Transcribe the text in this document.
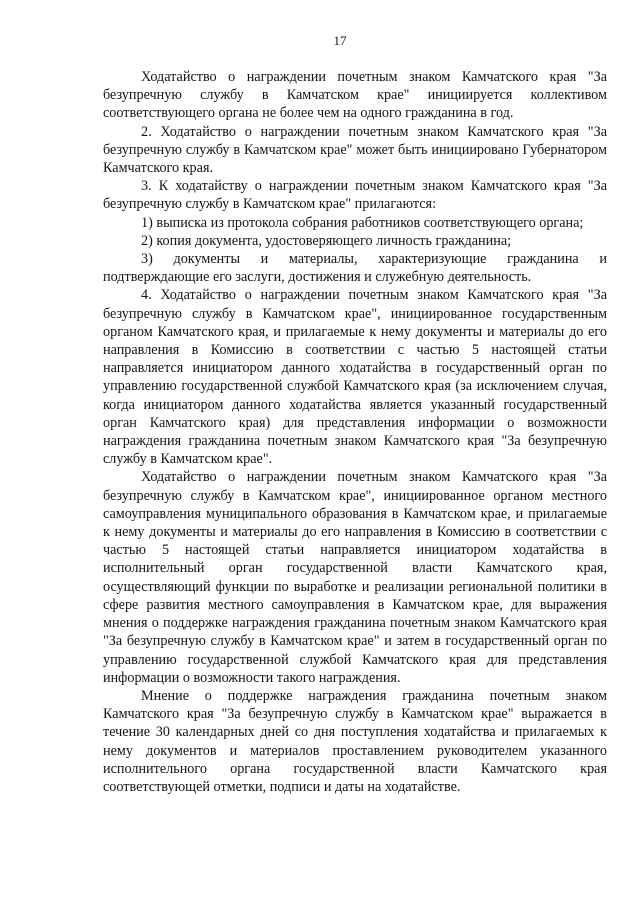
17

Ходатайство о награждении почетным знаком Камчатского края "За безупречную службу в Камчатском крае" инициируется коллективом соответствующего органа не более чем на одного гражданина в год.

2. Ходатайство о награждении почетным знаком Камчатского края "За безупречную службу в Камчатском крае" может быть инициировано Губернатором Камчатского края.

3. К ходатайству о награждении почетным знаком Камчатского края "За безупречную службу в Камчатском крае" прилагаются:

1) выписка из протокола собрания работников соответствующего органа;

2) копия документа, удостоверяющего личность гражданина;

3) документы и материалы, характеризующие гражданина и подтверждающие его заслуги, достижения и служебную деятельность.

4. Ходатайство о награждении почетным знаком Камчатского края "За безупречную службу в Камчатском крае", инициированное государственным органом Камчатского края, и прилагаемые к нему документы и материалы до его направления в Комиссию в соответствии с частью 5 настоящей статьи направляется инициатором данного ходатайства в государственный орган по управлению государственной службой Камчатского края (за исключением случая, когда инициатором данного ходатайства является указанный государственный орган Камчатского края) для представления информации о возможности награждения гражданина почетным знаком Камчатского края "За безупречную службу в Камчатском крае".

Ходатайство о награждении почетным знаком Камчатского края "За безупречную службу в Камчатском крае", инициированное органом местного самоуправления муниципального образования в Камчатском крае, и прилагаемые к нему документы и материалы до его направления в Комиссию в соответствии с частью 5 настоящей статьи направляется инициатором ходатайства в исполнительный орган государственной власти Камчатского края, осуществляющий функции по выработке и реализации региональной политики в сфере развития местного самоуправления в Камчатском крае, для выражения мнения о поддержке награждения гражданина почетным знаком Камчатского края "За безупречную службу в Камчатском крае" и затем в государственный орган по управлению государственной службой Камчатского края для представления информации о возможности такого награждения.

Мнение о поддержке награждения гражданина почетным знаком Камчатского края "За безупречную службу в Камчатском крае" выражается в течение 30 календарных дней со дня поступления ходатайства и прилагаемых к нему документов и материалов проставлением руководителем указанного исполнительного органа государственной власти Камчатского края соответствующей отметки, подписи и даты на ходатайстве.
